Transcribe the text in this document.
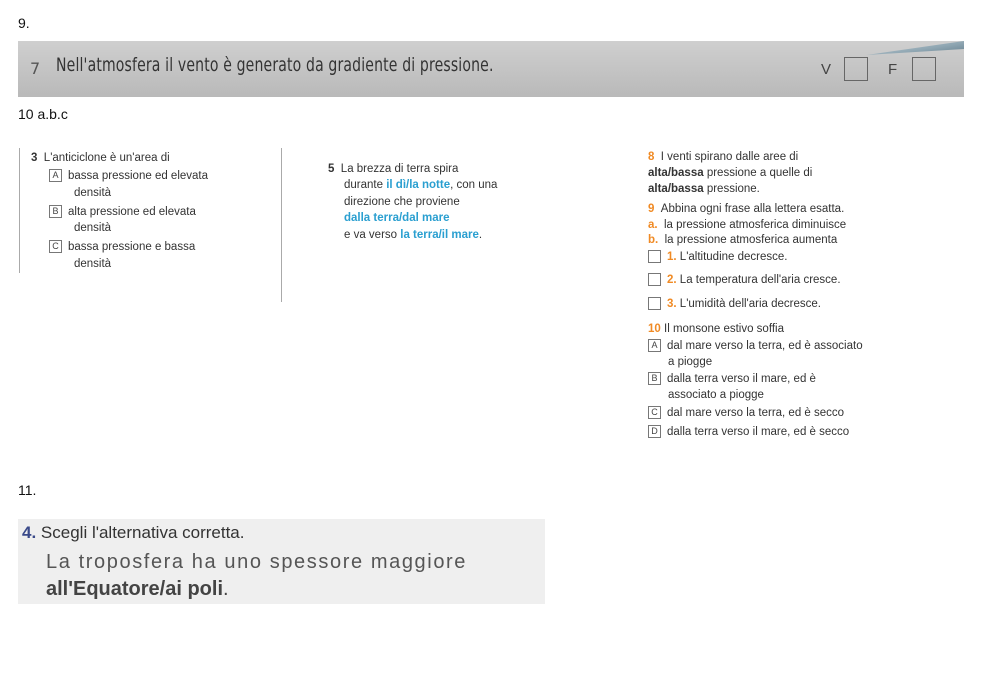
9.
7 Nell'atmosfera il vento è generato da gradiente di pressione.	V	F
10 a.b.c
3 L'anticiclone è un'area di
A bassa pressione ed elevata
densità
B alta pressione ed elevata
densità
C bassa pressione e bassa
densità
5 La brezza di terra spira
durante il dì/la notte, con una
direzione che proviene
dalla terra/dal mare
e va verso la terra/il mare.
8 I venti spirano dalle aree di
alta/bassa pressione a quelle di
alta/bassa pressione.
9 Abbina ogni frase alla lettera esatta.
a. la pressione atmosferica diminuisce
b. la pressione atmosferica aumenta
1. L'altitudine decresce.
2. La temperatura dell'aria cresce.
3. L'umidità dell'aria decresce.
10 Il monsone estivo soffia
A dal mare verso la terra, ed è associato
a piogge
B dalla terra verso il mare, ed è
associato a piogge
C dal mare verso la terra, ed è secco
D dalla terra verso il mare, ed è secco
11.
4. Scegli l'alternativa corretta.
La troposfera ha uno spessore maggiore
all'Equatore/ai poli.
